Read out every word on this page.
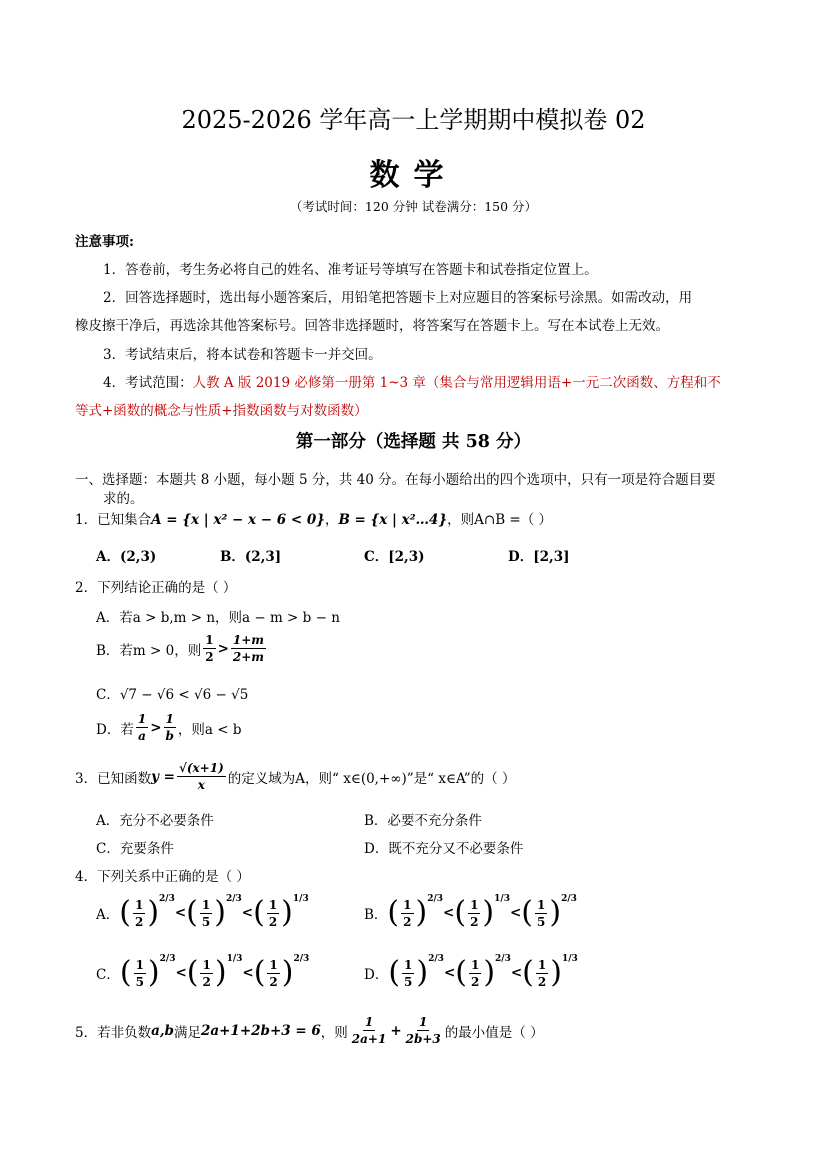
2025-2026 学年高一上学期期中模拟卷 02
数学
（考试时间：120 分钟 试卷满分：150 分）
注意事项:
1．答卷前，考生务必将自己的姓名、准考证号等填写在答题卡和试卷指定位置上。
2．回答选择题时，选出每小题答案后，用铅笔把答题卡上对应题目的答案标号涂黑。如需改动，用
橡皮擦干净后，再选涂其他答案标号。回答非选择题时，将答案写在答题卡上。写在本试卷上无效。
3．考试结束后，将本试卷和答题卡一并交回。
4．考试范围：人教 A 版 2019 必修第一册第 1~3 章（集合与常用逻辑用语+一元二次函数、方程和不
等式+函数的概念与性质+指数函数与对数函数）
第一部分（选择题 共 58 分）
一、选择题：本题共 8 小题，每小题 5 分，共 40 分。在每小题给出的四个选项中，只有一项是符合题目要
求的。
1．已知集合A = {x | x² − x − 6 < 0}，B = {x | x²…4}，则A∩B =（ ）
A．(2,3)	B．(2,3]	C．[2,3)	D．[2,3]
2．下列结论正确的是（ ）
A．若a > b,m > n，则a − m > b − n
B．若m > 0，则 $\frac{1}{2} > \frac{1+m}{2+m}$
C．√7 − √6 < √6 − √5
D．若 $\frac{1}{a} > \frac{1}{b}$ ，则a < b
3．已知函数 $y = \frac{√(x+1)}{x}$ 的定义域为A，则“ x∈(0,+∞)”是“ x∈A”的（ ）
A．充分不必要条件	B．必要不充分条件
C．充要条件	D．既不充分又不必要条件
4．下列关系中正确的是（ ）
A． ( $\frac{1}{2}$ ) 2/3
< ( $\frac{1}{5}$ ) 2/3
< ( $\frac{1}{2}$ ) 1/3
B． ( $\frac{1}{2}$ ) 2/3
< ( $\frac{1}{2}$ ) 1/3
< ( $\frac{1}{5}$ ) 2/3
C． ( $\frac{1}{5}$ ) 2/3
< ( $\frac{1}{2}$ ) 1/3
< ( $\frac{1}{2}$ ) 2/3
D． ( $\frac{1}{5}$ ) 2/3
< ( $\frac{1}{2}$ ) 2/3
< ( $\frac{1}{2}$ ) 1/3
5．若非负数 a,b 满足 2a+1+2b+3 = 6 ，则 $\frac{1}{2a+1} + \frac{1}{2b+3}$ 的最小值是（ ）
